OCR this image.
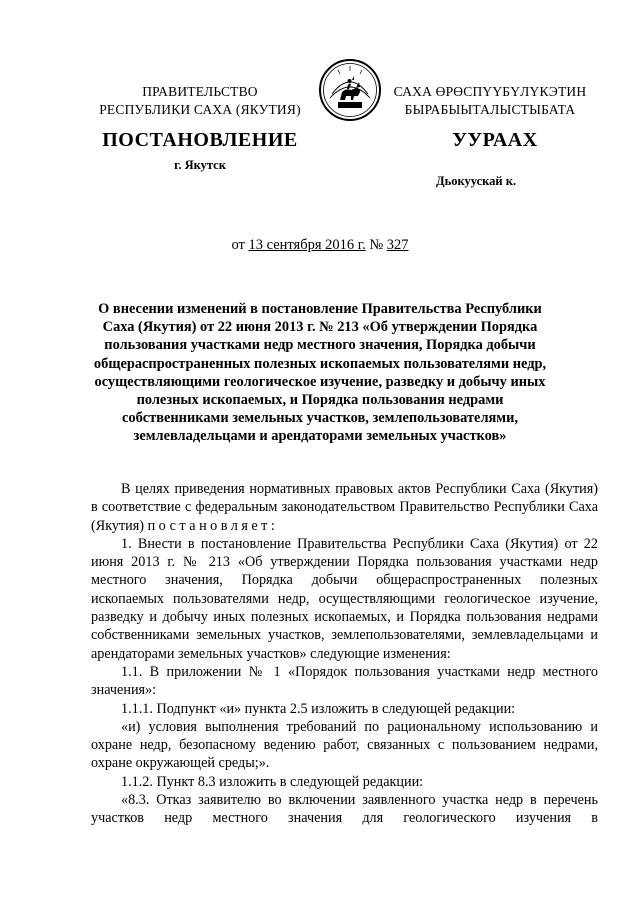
ПРАВИТЕЛЬСТВО
РЕСПУБЛИКИ САХА (ЯКУТИЯ)
САХА ӨРӨСПҮҮБҮЛҮКЭТИН
БЫРАБЫЫТАЛЫСТЫБАТА
ПОСТАНОВЛЕНИЕ	УУРААХ
г. Якутск
Дьокуускай к.
от 13 сентября 2016 г. № 327
О внесении изменений в постановление Правительства Республики
Саха (Якутия) от 22 июня 2013 г. № 213 «Об утверждении Порядка
пользования участками недр местного значения, Порядка добычи
общераспространенных полезных ископаемых пользователями недр,
осуществляющими геологическое изучение, разведку и добычу иных
полезных ископаемых, и Порядка пользования недрами
собственниками земельных участков, землепользователями,
землевладельцами и арендаторами земельных участков»

В целях приведения нормативных правовых актов Республики Саха (Якутия) в соответствие с федеральным законодательством Правительство Республики Саха (Якутия) постановляет:

1. Внести в постановление Правительства Республики Саха (Якутия) от 22 июня 2013 г. № 213 «Об утверждении Порядка пользования участками недр местного значения, Порядка добычи общераспространенных полезных ископаемых пользователями недр, осуществляющими геологическое изучение, разведку и добычу иных полезных ископаемых, и Порядка пользования недрами собственниками земельных участков, землепользователями, землевладельцами и арендаторами земельных участков» следующие изменения:

1.1. В приложении № 1 «Порядок пользования участками недр местного значения»:

1.1.1. Подпункт «и» пункта 2.5 изложить в следующей редакции:

«и) условия выполнения требований по рациональному использованию и охране недр, безопасному ведению работ, связанных с пользованием недрами, охране окружающей среды;».

1.1.2. Пункт 8.3 изложить в следующей редакции:

«8.3. Отказ заявителю во включении заявленного участка недр в перечень участков недр местного значения для геологического изучения в
